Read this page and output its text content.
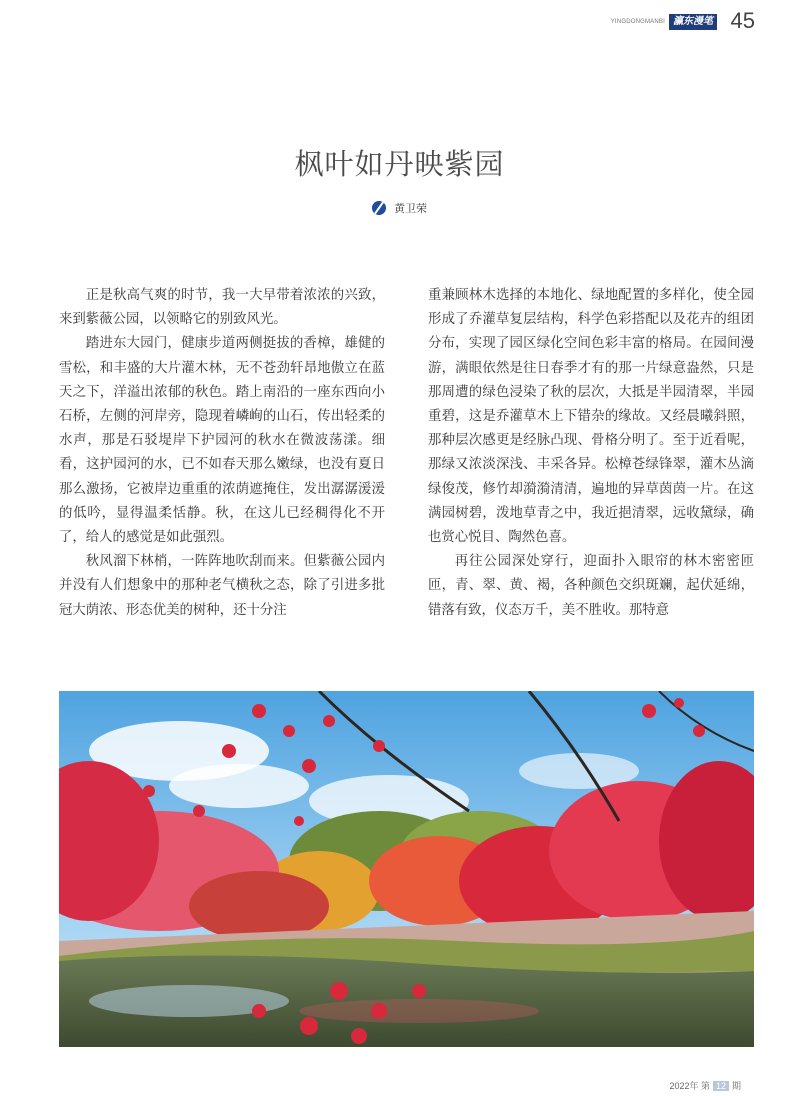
YINGDONGMANBI 瀛东漫笔 45
枫叶如丹映紫园
黄卫荣

正是秋高气爽的时节，我一大早带着浓浓的兴致，来到紫薇公园，以领略它的别致风光。

踏进东大园门，健康步道两侧挺拔的香樟，雄健的雪松，和丰盛的大片灌木林，无不苍劲轩昂地傲立在蓝天之下，洋溢出浓郁的秋色。踏上南沿的一座东西向小石桥，左侧的河岸旁，隐现着嶙峋的山石，传出轻柔的水声，那是石驳堤岸下护园河的秋水在微波荡漾。细看，这护园河的水，已不如春天那么嫩绿，也没有夏日那么激扬，它被岸边重重的浓荫遮掩住，发出潺潺湲湲的低吟，显得温柔恬静。秋，在这儿已经稠得化不开了，给人的感觉是如此强烈。

秋风溜下林梢，一阵阵地吹刮而来。但紫薇公园内并没有人们想象中的那种老气横秋之态，除了引进多批冠大荫浓、形态优美的树种，还十分注

重兼顾林木选择的本地化、绿地配置的多样化，使全园形成了乔灌草复层结构，科学色彩搭配以及花卉的组团分布，实现了园区绿化空间色彩丰富的格局。在园间漫游，满眼依然是往日春季才有的那一片绿意盎然，只是那周遭的绿色浸染了秋的层次，大抵是半园清翠，半园重碧，这是乔灌草木上下错杂的缘故。又经晨曦斜照，那种层次感更是经脉凸现、骨格分明了。至于近看呢，那绿又浓淡深浅、丰采各异。松樟苍绿锋翠，灌木丛滴绿俊茂，修竹却漪漪清清，遍地的异草茵茵一片。在这满园树碧，泼地草青之中，我近挹清翠，远收黛绿，确也赏心悦目、陶然色喜。

再往公园深处穿行，迎面扑入眼帘的林木密密匝匝，青、翠、黄、褐，各种颜色交织斑斓，起伏延绵，错落有致，仪态万千，美不胜收。那特意

2022年 第 12 期
